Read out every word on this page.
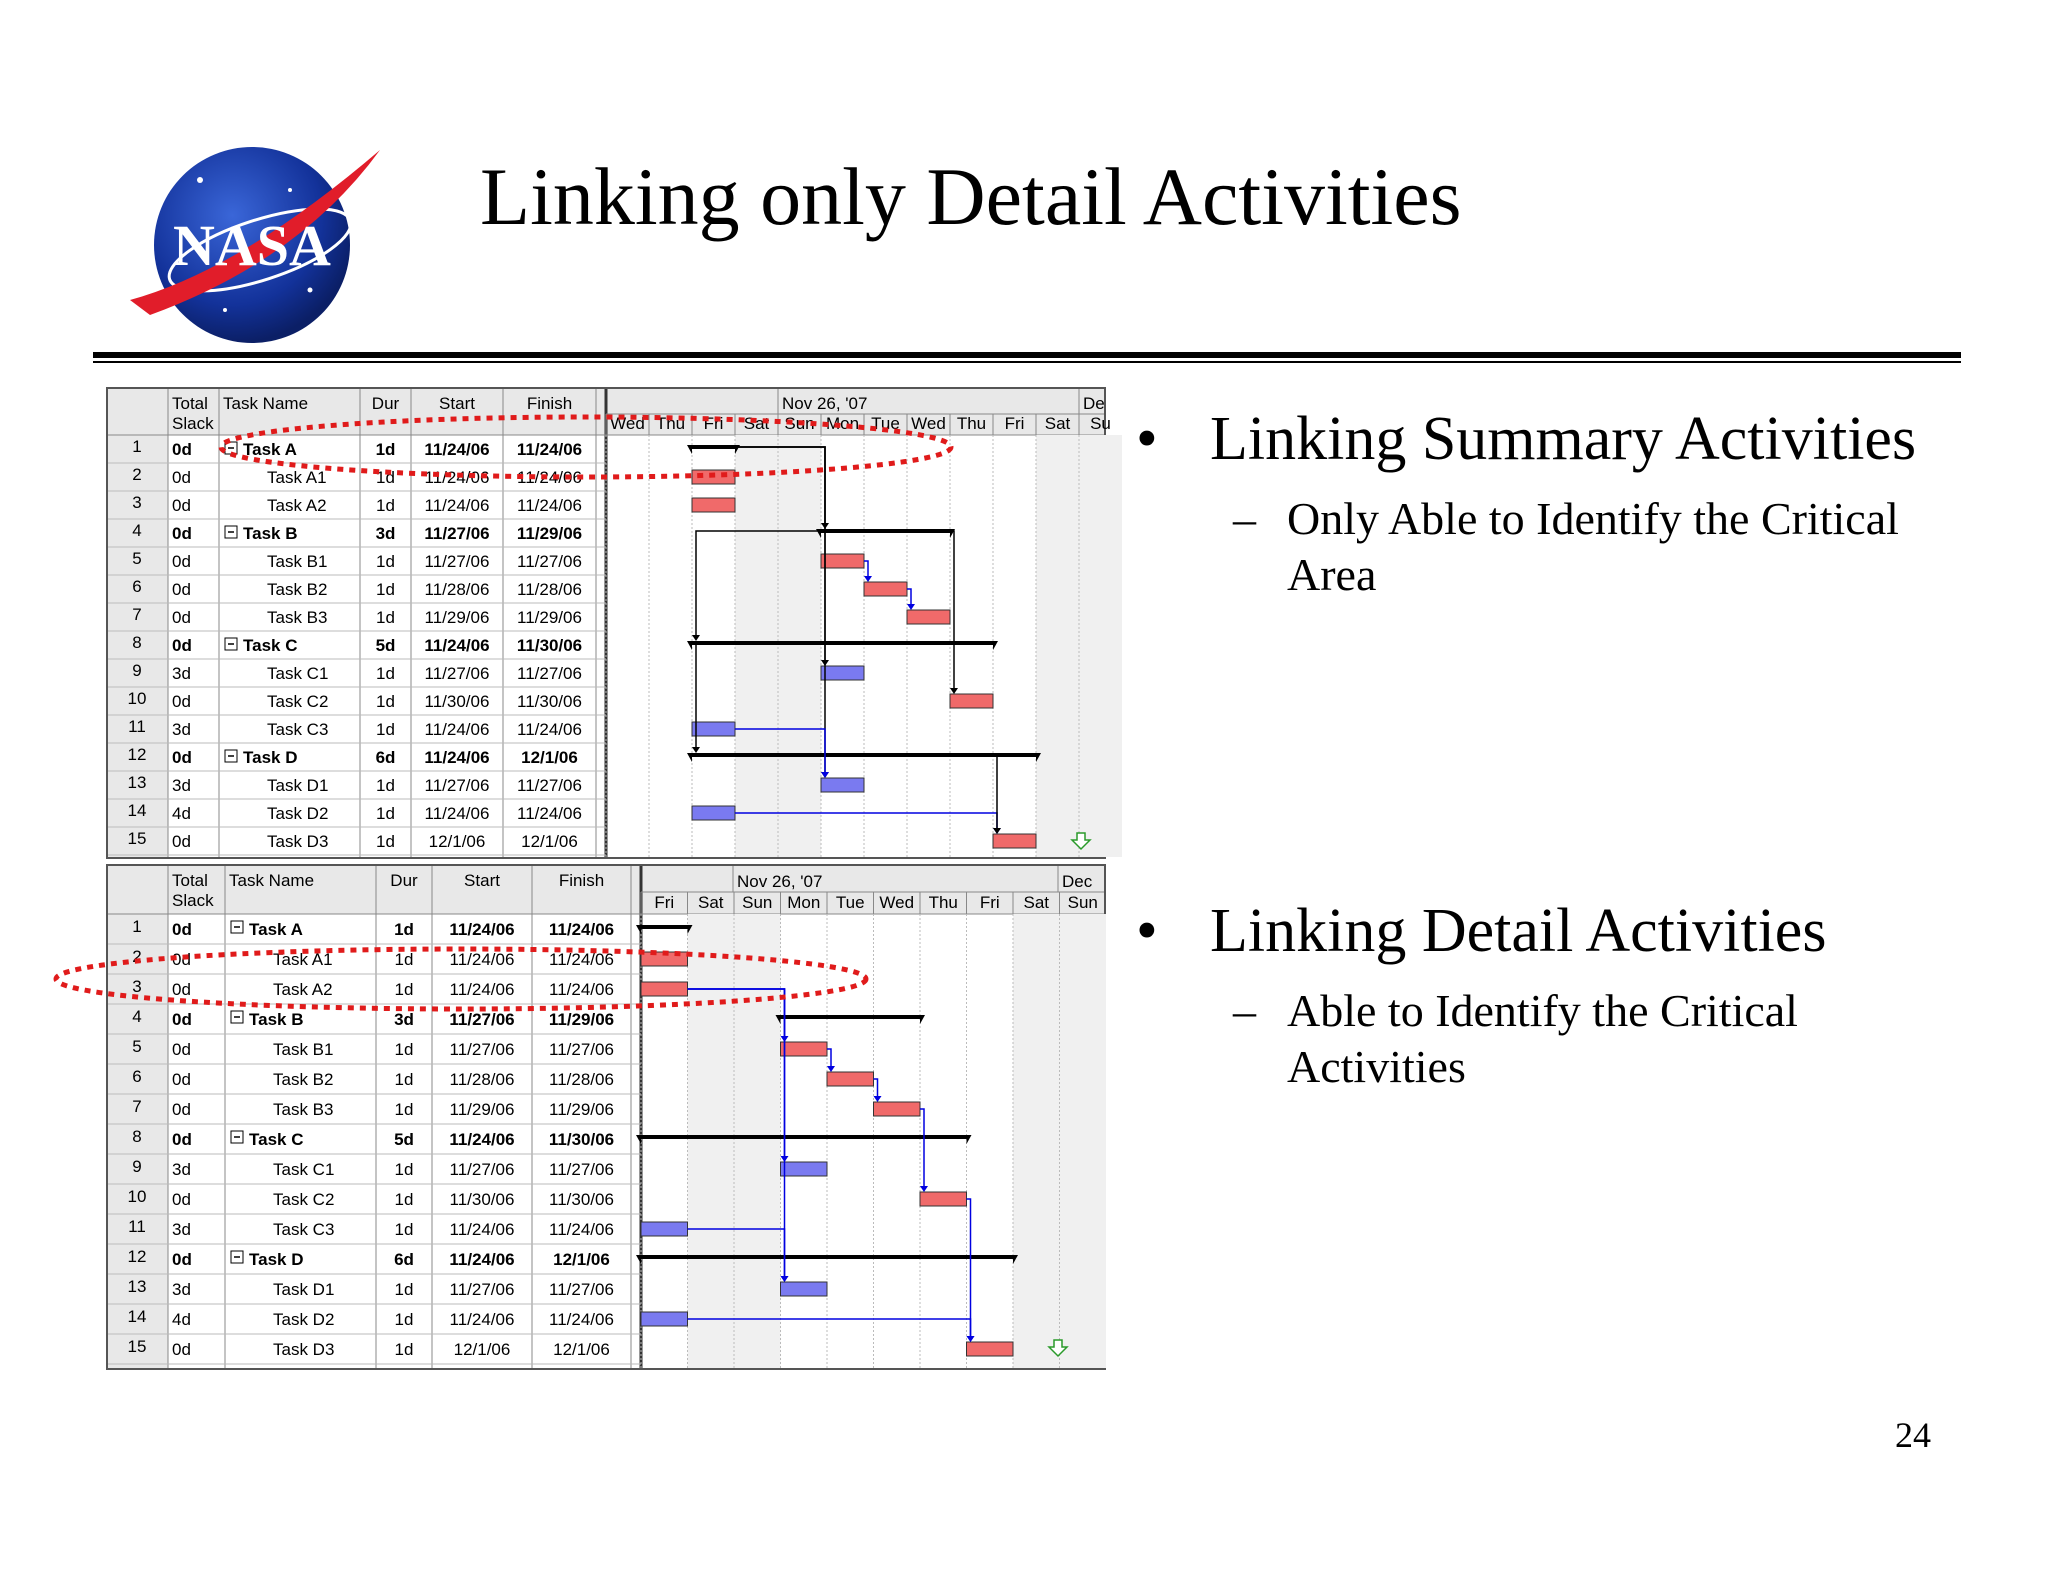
NASA
Linking only Detail Activities
Total
Slack
Task Name	Dur Start	Finish	Nov 26, '07	De
Wed Thu Fri Sat Sun Mon Tue Wed Thu Fri Sat Su
1 0d	Task A	1d 11/24/06 11/24/06
2 0d	Task A1	1d 11/24/06 11/24/06
3 0d	Task A2	1d 11/24/06 11/24/06
4 0d	Task B	3d 11/27/06 11/29/06
5 0d	Task B1	1d 11/27/06 11/27/06
6 0d	Task B2	1d 11/28/06 11/28/06
7 0d	Task B3	1d 11/29/06 11/29/06
8 0d	Task C	5d 11/24/06 11/30/06
9 3d	Task C1	1d 11/27/06 11/27/06
10 0d	Task C2	1d 11/30/06 11/30/06
11 3d	Task C3	1d 11/24/06 11/24/06
12 0d	Task D	6d 11/24/06 12/1/06
13 3d	Task D1	1d 11/27/06 11/27/06
14 4d	Task D2	1d 11/24/06 11/24/06
15 0d	Task D3	1d 12/1/06 12/1/06
Total
Slack
Task Name	Dur	Start	Finish	Nov 26, '07	Dec
Fri Sat Sun Mon Tue Wed Thu Fri Sat Sun
1 0d	Task A	1d 11/24/06 11/24/06
2 0d	Task A1	1d 11/24/06 11/24/06
3 0d	Task A2	1d 11/24/06 11/24/06
4 0d	Task B	3d 11/27/06 11/29/06
5 0d	Task B1	1d 11/27/06 11/27/06
6 0d	Task B2	1d 11/28/06 11/28/06
7 0d	Task B3	1d 11/29/06 11/29/06
8 0d	Task C	5d 11/24/06 11/30/06
9 3d	Task C1	1d 11/27/06 11/27/06
10 0d	Task C2	1d 11/30/06 11/30/06
11 3d	Task C3	1d 11/24/06 11/24/06
12 0d	Task D	6d 11/24/06 12/1/06
13 3d	Task D1	1d 11/27/06 11/27/06
14 4d	Task D2	1d 11/24/06 11/24/06
15 0d	Task D3	1d 12/1/06	12/1/06
• Linking Summary Activities
– Only Able to Identify the Critical Area
• Linking Detail Activities
– Able to Identify the Critical Activities
24
